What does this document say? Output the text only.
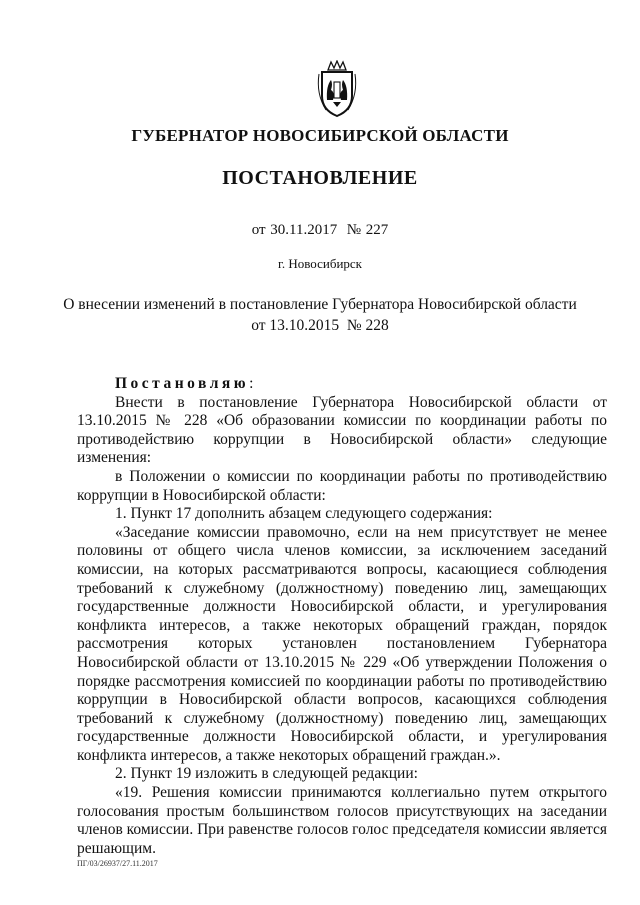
ГУБЕРНАТОР НОВОСИБИРСКОЙ ОБЛАСТИ
ПОСТАНОВЛЕНИЕ
от 30.11.2017  № 227
г. Новосибирск
О внесении изменений в постановление Губернатора Новосибирской области
от 13.10.2015  № 228

Постановляю:

Внести в постановление Губернатора Новосибирской области от 13.10.2015 № 228 «Об образовании комиссии по координации работы по противодействию коррупции в Новосибирской области» следующие изменения:

в Положении о комиссии по координации работы по противодействию коррупции в Новосибирской области:

1. Пункт 17 дополнить абзацем следующего содержания:

«Заседание комиссии правомочно, если на нем присутствует не менее половины от общего числа членов комиссии, за исключением заседаний комиссии, на которых рассматриваются вопросы, касающиеся соблюдения требований к служебному (должностному) поведению лиц, замещающих государственные должности Новосибирской области, и урегулирования конфликта интересов, а также некоторых обращений граждан, порядок рассмотрения которых установлен постановлением Губернатора Новосибирской области от 13.10.2015 № 229 «Об утверждении Положения о порядке рассмотрения комиссией по координации работы по противодействию коррупции в Новосибирской области вопросов, касающихся соблюдения требований к служебному (должностному) поведению лиц, замещающих государственные должности Новосибирской области, и урегулирования конфликта интересов, а также некоторых обращений граждан.».

2. Пункт 19 изложить в следующей редакции:

«19. Решения комиссии принимаются коллегиально путем открытого голосования простым большинством голосов присутствующих на заседании членов комиссии. При равенстве голосов голос председателя комиссии является решающим.

ПГ/03/26937/27.11.2017
